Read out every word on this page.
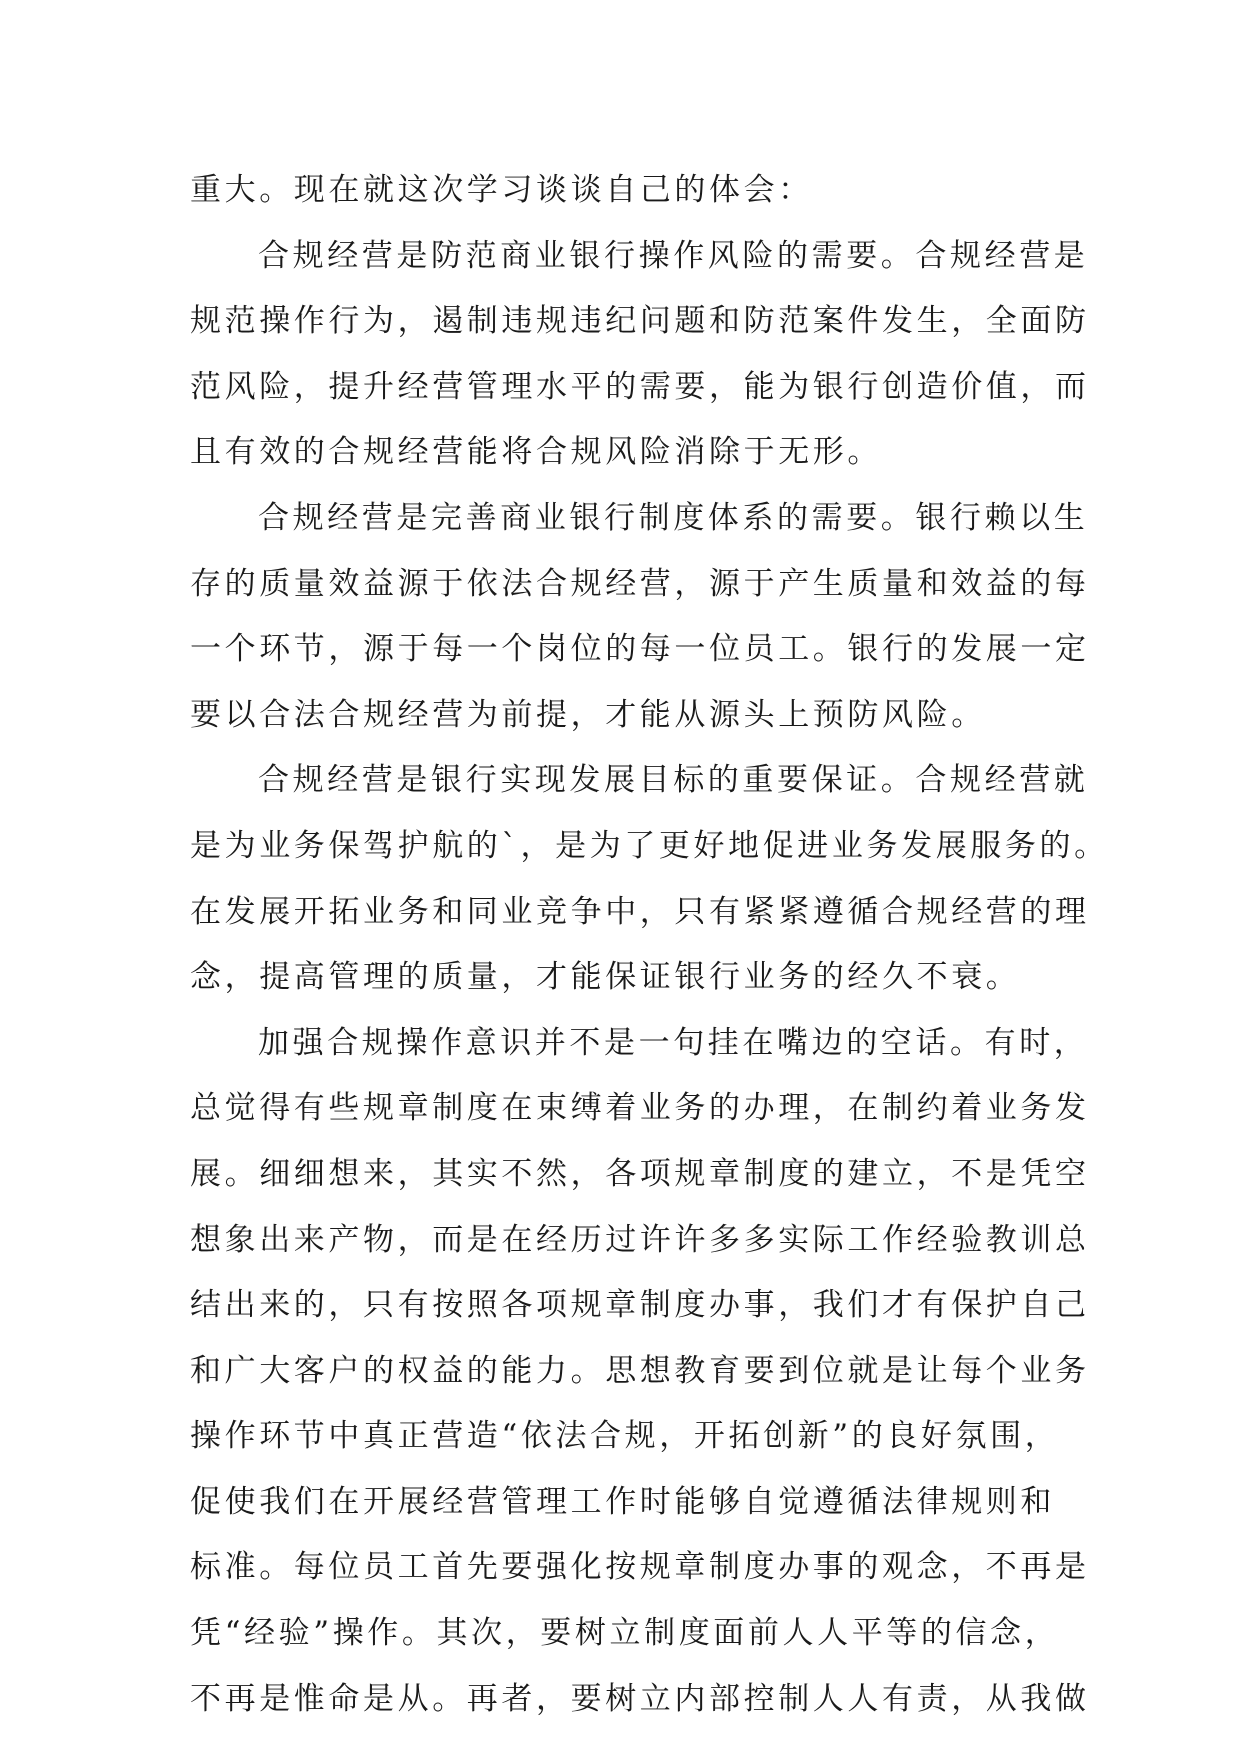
重大。现在就这次学习谈谈自己的体会：

合规经营是防范商业银行操作风险的需要。合规经营是
规范操作行为，遏制违规违纪问题和防范案件发生，全面防
范风险，提升经营管理水平的需要，能为银行创造价值，而
且有效的合规经营能将合规风险消除于无形。

合规经营是完善商业银行制度体系的需要。银行赖以生
存的质量效益源于依法合规经营，源于产生质量和效益的每
一个环节，源于每一个岗位的每一位员工。银行的发展一定
要以合法合规经营为前提，才能从源头上预防风险。

合规经营是银行实现发展目标的重要保证。合规经营就
是为业务保驾护航的`，是为了更好地促进业务发展服务的。
在发展开拓业务和同业竞争中，只有紧紧遵循合规经营的理
念，提高管理的质量，才能保证银行业务的经久不衰。

加强合规操作意识并不是一句挂在嘴边的空话。有时，
总觉得有些规章制度在束缚着业务的办理，在制约着业务发
展。细细想来，其实不然，各项规章制度的建立，不是凭空
想象出来产物，而是在经历过许许多多实际工作经验教训总
结出来的，只有按照各项规章制度办事，我们才有保护自己
和广大客户的权益的能力。思想教育要到位就是让每个业务
操作环节中真正营造“依法合规，开拓创新”的良好氛围，
促使我们在开展经营管理工作时能够自觉遵循法律规则和
标准。每位员工首先要强化按规章制度办事的观念，不再是
凭“经验”操作。其次，要树立制度面前人人平等的信念，
不再是惟命是从。再者，要树立内部控制人人有责，从我做
